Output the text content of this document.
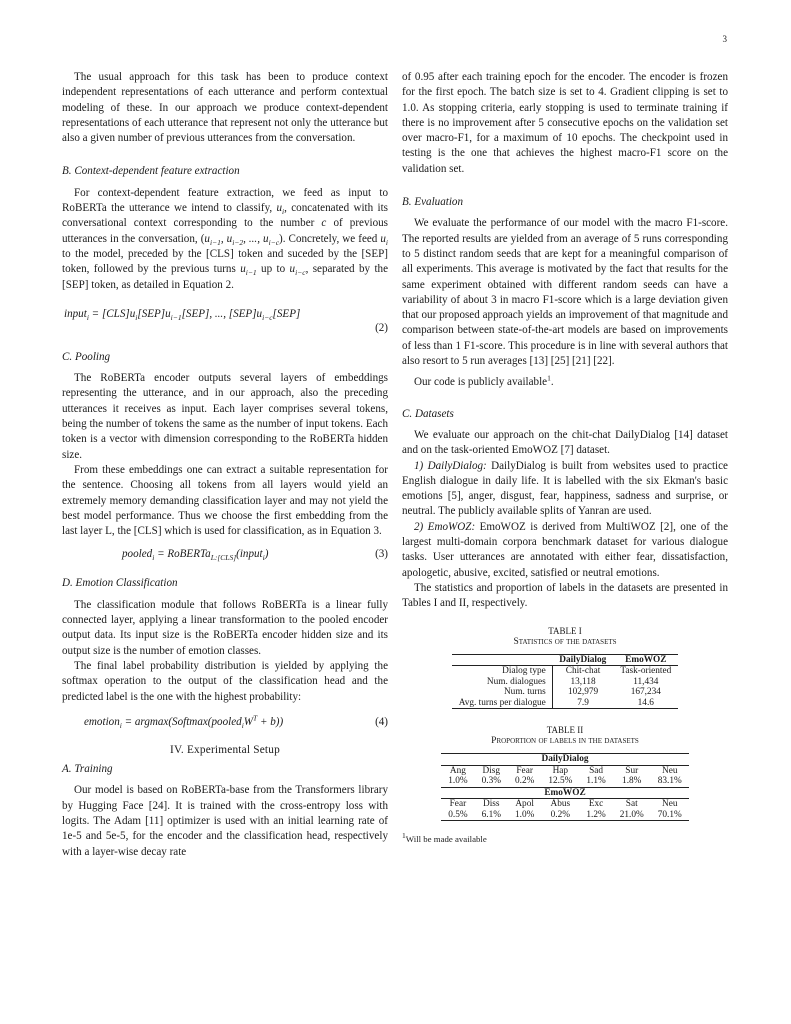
3

The usual approach for this task has been to produce context independent representations of each utterance and perform contextual modeling of these. In our approach we produce context-dependent representations of each utterance that represent not only the utterance but also a given number of previous utterances from the conversation.

B. Context-dependent feature extraction

For context-dependent feature extraction, we feed as input to RoBERTa the utterance we intend to classify, $u_i$, concatenated with its conversational context corresponding to the number c of previous utterances in the conversation, ($u_{i-1}$, $u_{i-2}$, ..., $u_{i-c}$). Concretely, we feed $u_i$ to the model, preceded by the [CLS] token and suceded by the [SEP] token, followed by the previous turns $u_{i-1}$ up to $u_{i-c}$, separated by the [SEP] token, as detailed in Equation 2.

input$_i$ = $[CLS]u_i[SEP]u_{i-1}[SEP]$, ..., $[SEP]u_{i-c}[SEP]$
(2)
C. Pooling

The RoBERTa encoder outputs several layers of embeddings representing the utterance, and in our approach, also the preceding utterances it receives as input. Each layer comprises several tokens, being the number of tokens the same as the number of input tokens. Each token is a vector with dimension corresponding to the RoBERTa hidden size.

From these embeddings one can extract a suitable representation for the sentence. Choosing all tokens from all layers would yield an extremely memory demanding classification layer and may not yield the best model performance. Thus we choose the first embedding from the last layer L, the [CLS] which is used for classification, as in Equation 3.

pooled$_i$ = RoBERTa$_{L:[CLS]}$(input$_i$)	(3)
D. Emotion Classification

The classification module that follows RoBERTa is a linear fully connected layer, applying a linear transformation to the pooled encoder output data. Its input size is the RoBERTa encoder hidden size and its output size is the number of emotion classes.

The final label probability distribution is yielded by applying the softmax operation to the output of the classification head and the predicted label is the one with the highest probability:

emotion$_i$ = $argmax(Softmax(pooled_iW^T + b))$	(4)
IV. Experimental Setup
A. Training

Our model is based on RoBERTa-base from the Transformers library by Hugging Face [24]. It is trained with the cross-entropy loss with logits. The Adam [11] optimizer is used with an initial learning rate of 1e-5 and 5e-5, for the encoder and the classification head, respectively with a layer-wise decay rate

of 0.95 after each training epoch for the encoder. The encoder is frozen for the first epoch. The batch size is set to 4. Gradient clipping is set to 1.0. As stopping criteria, early stopping is used to terminate training if there is no improvement after 5 consecutive epochs on the validation set over macro-F1, for a maximum of 10 epochs. The checkpoint used in testing is the one that achieves the highest macro-F1 score on the validation set.

B. Evaluation

We evaluate the performance of our model with the macro F1-score. The reported results are yielded from an average of 5 runs corresponding to 5 distinct random seeds that are kept for a meaningful comparison of all experiments. This average is motivated by the fact that results for the same experiment obtained with different random seeds can have a variability of about 3 in macro F1-score which is a large deviation given that our proposed approach yields an improvement of that magnitude and comparison between state-of-the-art models are based on improvements of less than 1 F1-score. This procedure is in line with several authors that also resort to 5 run averages [13] [25] [21] [22].

Our code is publicly available$^1$.

C. Datasets

We evaluate our approach on the chit-chat DailyDialog [14] dataset and on the task-oriented EmoWOZ [7] dataset.

1) DailyDialog: DailyDialog is built from websites used to practice English dialogue in daily life. It is labelled with the six Ekman's basic emotions [5], anger, disgust, fear, happiness, sadness and surprise, or neutral. The publicly available splits of Yanran are used.

2) EmoWOZ: EmoWOZ is derived from MultiWOZ [2], one of the largest multi-domain corpora benchmark dataset for various dialogue tasks. User utterances are annotated with either fear, dissatisfaction, apologetic, abusive, excited, satisfied or neutral emotions.

The statistics and proportion of labels in the datasets are presented in Tables I and II, respectively.

TABLE I
Statistics of the datasets
	DailyDialog	EmoWOZ
Dialog type	Chit-chat	Task-oriented
Num. dialogues	13,118	11,434
Num. turns	102,979	167,234
Avg. turns per dialogue	7.9	14.6
TABLE II
Proportion of labels in the datasets
DailyDialog						
Ang	Disg	Fear	Hap	Sad	Sur	Neu
1.0%	0.3%	0.2%	12.5%	1.1%	1.8%	83.1%
EmoWOZ						
Fear	Diss	Apol	Abus	Exc	Sat	Neu
0.5%	6.1%	1.0%	0.2%	1.2%	21.0%	70.1%
$^1$Will be made available
